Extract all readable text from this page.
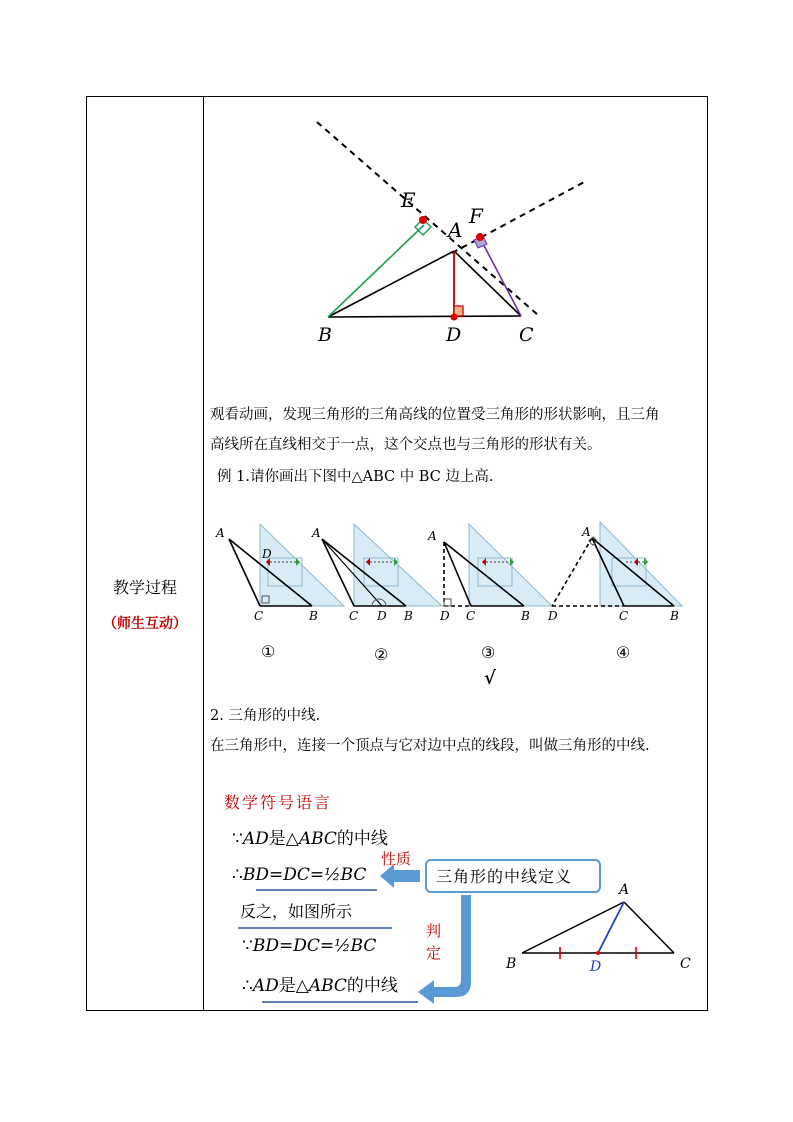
教学过程
（师生互动）
E
F
A
B	D	C
观看动画，发现三角形的三角高线的位置受三角形的形状影响，且三角
高线所在直线相交于一点，这个交点也与三角形的形状有关。
例 1.请你画出下图中△ABC 中 BC 边上高.
A
D
C	B
A
C D B
A
D C	B
A
D	C	B
①	②	③	④
√
2. 三角形的中线.
在三角形中，连接一个顶点与它对边中点的线段，叫做三角形的中线.
数学符号语言
∵AD是△ABC的中线
∴BD=DC=½BC
性质
三角形的中线定义
反之，如图所示
∵BD=DC=½BC
判
定
∴AD是△ABC的中线
A
B	D	C
